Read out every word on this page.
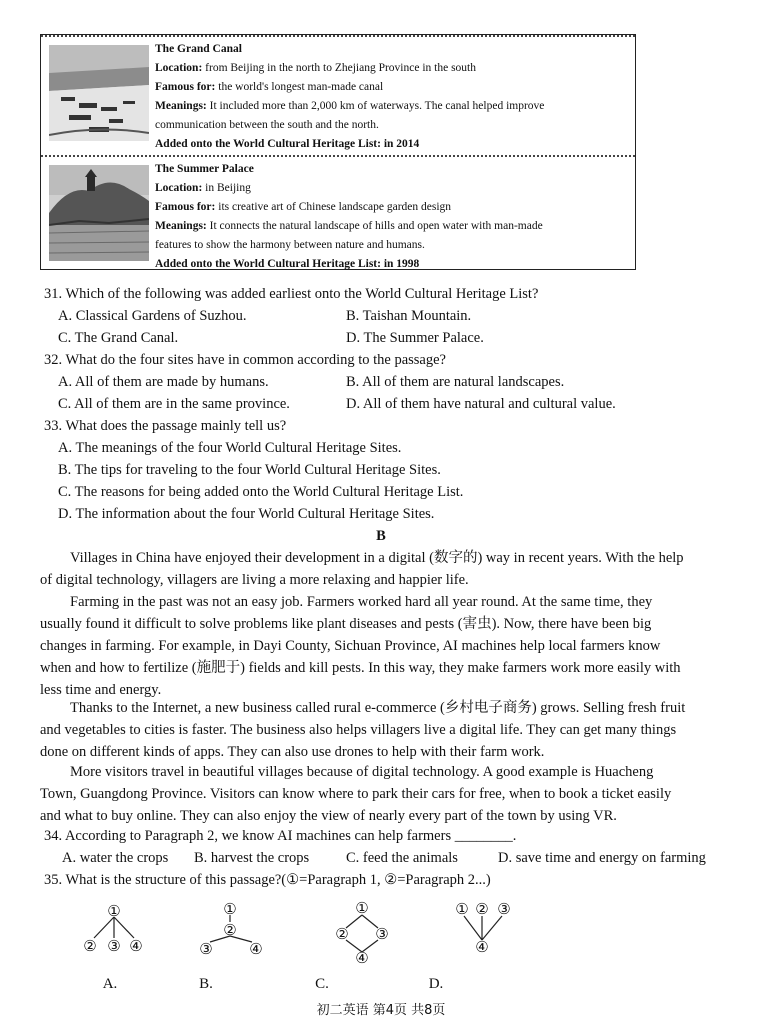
The Grand Canal
Location: from Beijing in the north to Zhejiang Province in the south
Famous for: the world's longest man-made canal
Meanings: It included more than 2,000 km of waterways. The canal helped improve
communication between the south and the north.
Added onto the World Cultural Heritage List: in 2014
The Summer Palace
Location: in Beijing
Famous for: its creative art of Chinese landscape garden design
Meanings: It connects the natural landscape of hills and open water with man-made
features to show the harmony between nature and humans.
Added onto the World Cultural Heritage List: in 1998
31. Which of the following was added earliest onto the World Cultural Heritage List?
A. Classical Gardens of Suzhou.	B. Taishan Mountain.
C. The Grand Canal.	D. The Summer Palace.
32. What do the four sites have in common according to the passage?
A. All of them are made by humans.	B. All of them are natural landscapes.
C. All of them are in the same province.	D. All of them have natural and cultural value.
33. What does the passage mainly tell us?
A. The meanings of the four World Cultural Heritage Sites.
B. The tips for traveling to the four World Cultural Heritage Sites.
C. The reasons for being added onto the World Cultural Heritage List.
D. The information about the four World Cultural Heritage Sites.
B
Villages in China have enjoyed their development in a digital (数字的) way in recent years. With the help
of digital technology, villagers are living a more relaxing and happier life.
Farming in the past was not an easy job. Farmers worked hard all year round. At the same time, they
usually found it difficult to solve problems like plant diseases and pests (害虫). Now, there have been big
changes in farming. For example, in Dayi County, Sichuan Province, AI machines help local farmers know
when and how to fertilize (施肥于) fields and kill pests. In this way, they make farmers work more easily with
less time and energy.
Thanks to the Internet, a new business called rural e-commerce (乡村电子商务) grows. Selling fresh fruit
and vegetables to cities is faster. The business also helps villagers live a digital life. They can get many things
done on different kinds of apps. They can also use drones to help with their farm work.
More visitors travel in beautiful villages because of digital technology. A good example is Huacheng
Town, Guangdong Province. Visitors can know where to park their cars for free, when to book a ticket easily
and what to buy online. They can also enjoy the view of nearly every part of the town by using VR.
34. According to Paragraph 2, we know AI machines can help farmers ________.
A. water the crops B. harvest the crops	C. feed the animals	D. save time and energy on farming
35. What is the structure of this passage?(①=Paragraph 1, ②=Paragraph 2...)
①
② ③ ④
①
②
③ ④
①
② ③
④
① ② ③
④
A.	B.	C.	D.
初二英语 第4页 共8页
